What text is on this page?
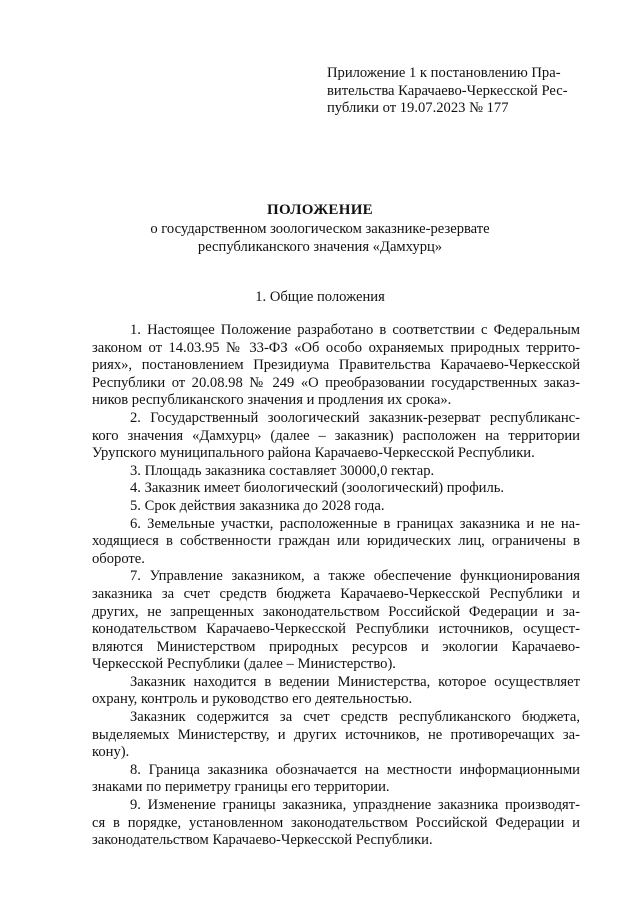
Приложение 1 к постановлению Пра-
вительства Карачаево-Черкесской Рес-
публики от 19.07.2023 № 177
ПОЛОЖЕНИЕ
о государственном зоологическом заказнике-резервате
республиканского значения «Дамхурц»
1. Общие положения
1. Настоящее Положение разработано в соответствии с Федеральным
законом от 14.03.95 № 33-ФЗ «Об особо охраняемых природных террито-
риях», постановлением Президиума Правительства Карачаево-Черкесской
Республики от 20.08.98 № 249 «О преобразовании государственных заказ-
ников республиканского значения и продления их срока».
2. Государственный зоологический заказник-резерват республиканс-
кого значения «Дамхурц» (далее – заказник) расположен на территории
Урупского муниципального района Карачаево-Черкесской Республики.
3. Площадь заказника составляет 30000,0 гектар.
4. Заказник имеет биологический (зоологический) профиль.
5. Срок действия заказника до 2028 года.
6. Земельные участки, расположенные в границах заказника и не на-
ходящиеся в собственности граждан или юридических лиц, ограничены в
обороте.
7. Управление заказником, а также обеспечение функционирования
заказника за счет средств бюджета Карачаево-Черкесской Республики и
других, не запрещенных законодательством Российской Федерации и за-
конодательством Карачаево-Черкесской Республики источников, осущест-
вляются Министерством природных ресурсов и экологии Карачаево-
Черкесской Республики (далее – Министерство).
Заказник находится в ведении Министерства, которое осуществляет
охрану, контроль и руководство его деятельностью.
Заказник содержится за счет средств республиканского бюджета,
выделяемых Министерству, и других источников, не противоречащих за-
кону).
8. Граница заказника обозначается на местности информационными
знаками по периметру границы его территории.
9. Изменение границы заказника, упразднение заказника производят-
ся в порядке, установленном законодательством Российской Федерации и
законодательством Карачаево-Черкесской Республики.
